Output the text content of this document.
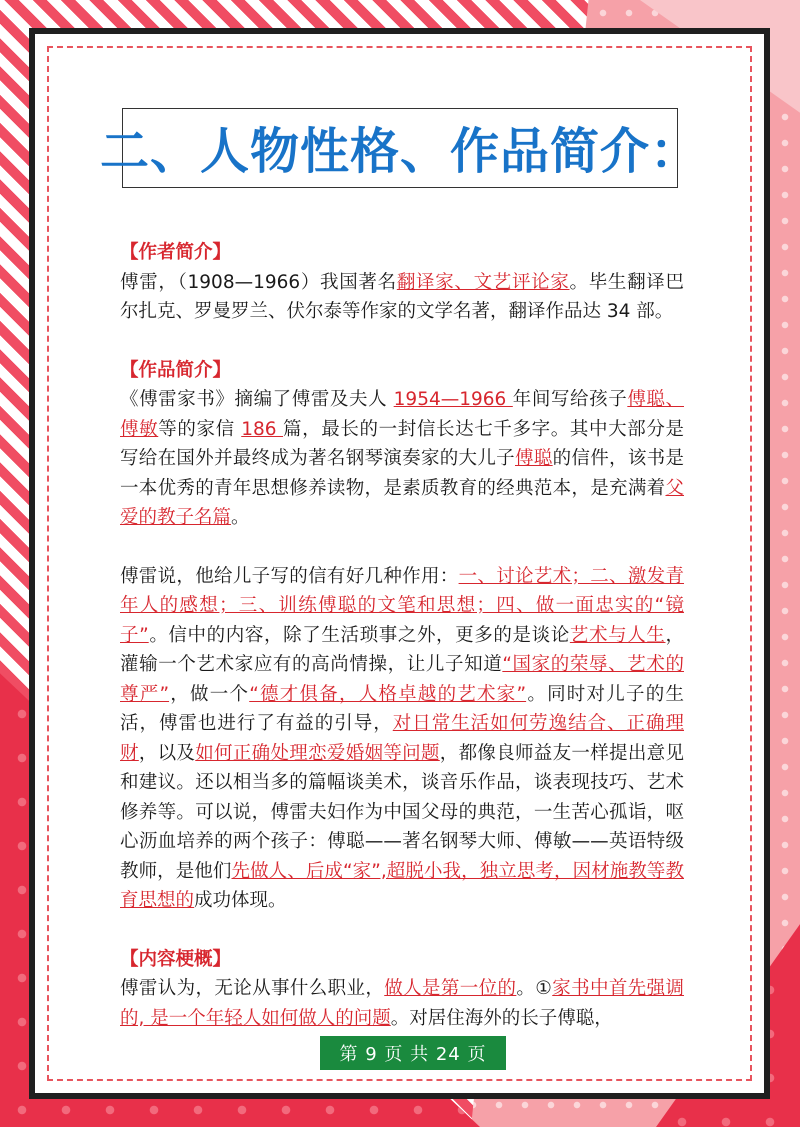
二、人物性格、作品简介：
【作者简介】

傅雷，（1908—1966）我国著名翻译家、文艺评论家。毕生翻译巴尔扎克、罗曼罗兰、伏尔泰等作家的文学名著，翻译作品达 34 部。

【作品简介】

《傅雷家书》摘编了傅雷及夫人 1954—1966 年间写给孩子傅聪、傅敏等的家信 186 篇，最长的一封信长达七千多字。其中大部分是写给在国外并最终成为著名钢琴演奏家的大儿子傅聪的信件，该书是一本优秀的青年思想修养读物，是素质教育的经典范本，是充满着父爱的教子名篇。

傅雷说，他给儿子写的信有好几种作用：一、讨论艺术；二、激发青年人的感想；三、训练傅聪的文笔和思想；四、做一面忠实的“镜子”。信中的内容，除了生活琐事之外，更多的是谈论艺术与人生，灌输一个艺术家应有的高尚情操，让儿子知道“国家的荣辱、艺术的尊严”，做一个“德才俱备，人格卓越的艺术家”。同时对儿子的生活，傅雷也进行了有益的引导，对日常生活如何劳逸结合、正确理财，以及如何正确处理恋爱婚姻等问题，都像良师益友一样提出意见和建议。还以相当多的篇幅谈美术，谈音乐作品，谈表现技巧、艺术修养等。可以说，傅雷夫妇作为中国父母的典范，一生苦心孤诣，呕心沥血培养的两个孩子：傅聪——著名钢琴大师、傅敏——英语特级教师，是他们先做人、后成“家”,超脱小我，独立思考，因材施教等教育思想的成功体现。

【内容梗概】

傅雷认为，无论从事什么职业，做人是第一位的。①家书中首先强调的, 是一个年轻人如何做人的问题。对居住海外的长子傅聪，

第 9 页 共 24 页
